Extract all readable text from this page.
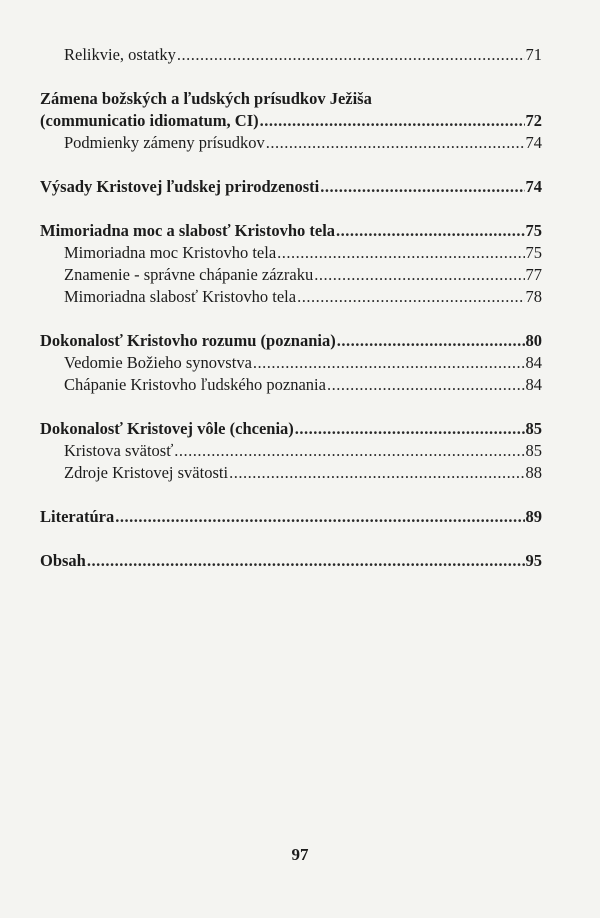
Relikvie, ostatky .....	71
Zámena božských a ľudských prísudkov Ježiša
(communicatio idiomatum, CI) .....	72
Podmienky zámeny prísudkov .....	74
Výsady Kristovej ľudskej prirodzenosti .....	74
Mimoriadna moc a slabosť Kristovho tela .....	75
Mimoriadna moc Kristovho tela .....	75
Znamenie - správne chápanie zázraku .....	77
Mimoriadna slabosť Kristovho tela .....	78
Dokonalosť Kristovho rozumu (poznania) .....	80
Vedomie Božieho synovstva .....	84
Chápanie Kristovho ľudského poznania .....	84
Dokonalosť Kristovej vôle (chcenia) .....	85
Kristova svätosť .....	85
Zdroje Kristovej svätosti .....	88
Literatúra .....	89
Obsah .....	95
97
